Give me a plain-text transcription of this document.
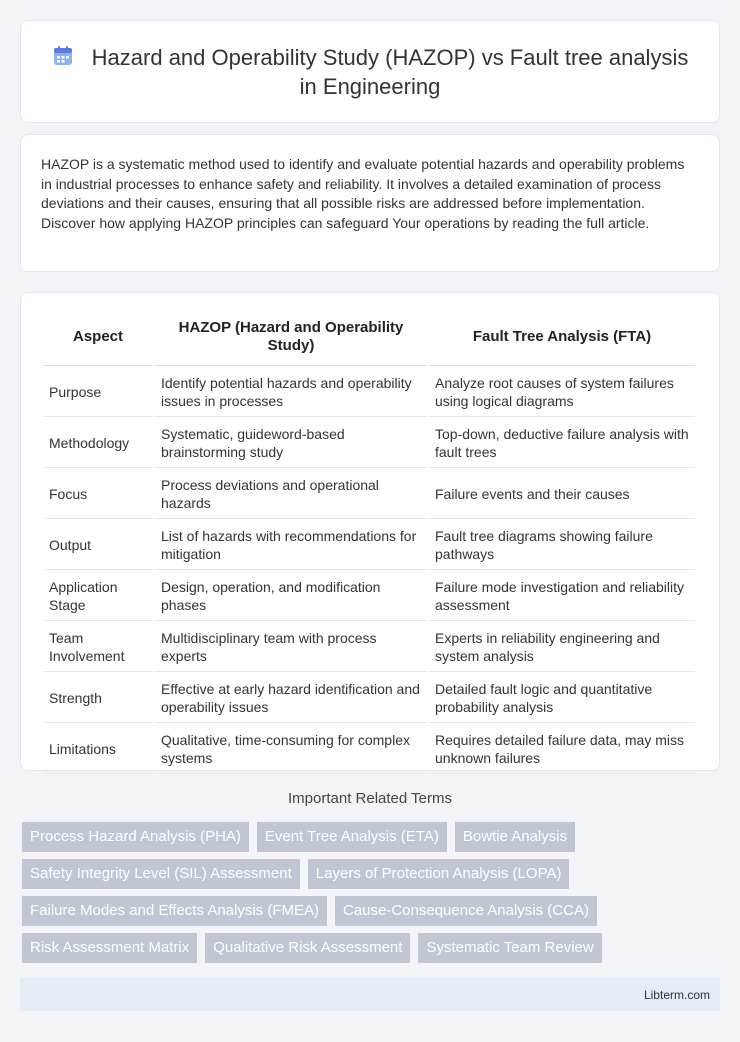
Hazard and Operability Study (HAZOP) vs Fault tree analysis in Engineering

HAZOP is a systematic method used to identify and evaluate potential hazards and operability problems in industrial processes to enhance safety and reliability. It involves a detailed examination of process deviations and their causes, ensuring that all possible risks are addressed before implementation. Discover how applying HAZOP principles can safeguard Your operations by reading the full article.

Aspect	HAZOP (Hazard and Operability Study)	Fault Tree Analysis (FTA)
Purpose	Identify potential hazards and operability issues in processes	Analyze root causes of system failures using logical diagrams
Methodology	Systematic, guideword-based brainstorming study	Top-down, deductive failure analysis with fault trees
Focus	Process deviations and operational hazards	Failure events and their causes
Output	List of hazards with recommendations for mitigation	Fault tree diagrams showing failure pathways
Application Stage	Design, operation, and modification phases	Failure mode investigation and reliability assessment
Team Involvement	Multidisciplinary team with process experts	Experts in reliability engineering and system analysis
Strength	Effective at early hazard identification and operability issues	Detailed fault logic and quantitative probability analysis
Limitations	Qualitative, time-consuming for complex systems	Requires detailed failure data, may miss unknown failures
Important Related Terms
Process Hazard Analysis (PHA)	Event Tree Analysis (ETA)	Bowtie Analysis
Safety Integrity Level (SIL) Assessment	Layers of Protection Analysis (LOPA)
Failure Modes and Effects Analysis (FMEA)	Cause-Consequence Analysis (CCA)
Risk Assessment Matrix	Qualitative Risk Assessment	Systematic Team Review
Libterm.com
